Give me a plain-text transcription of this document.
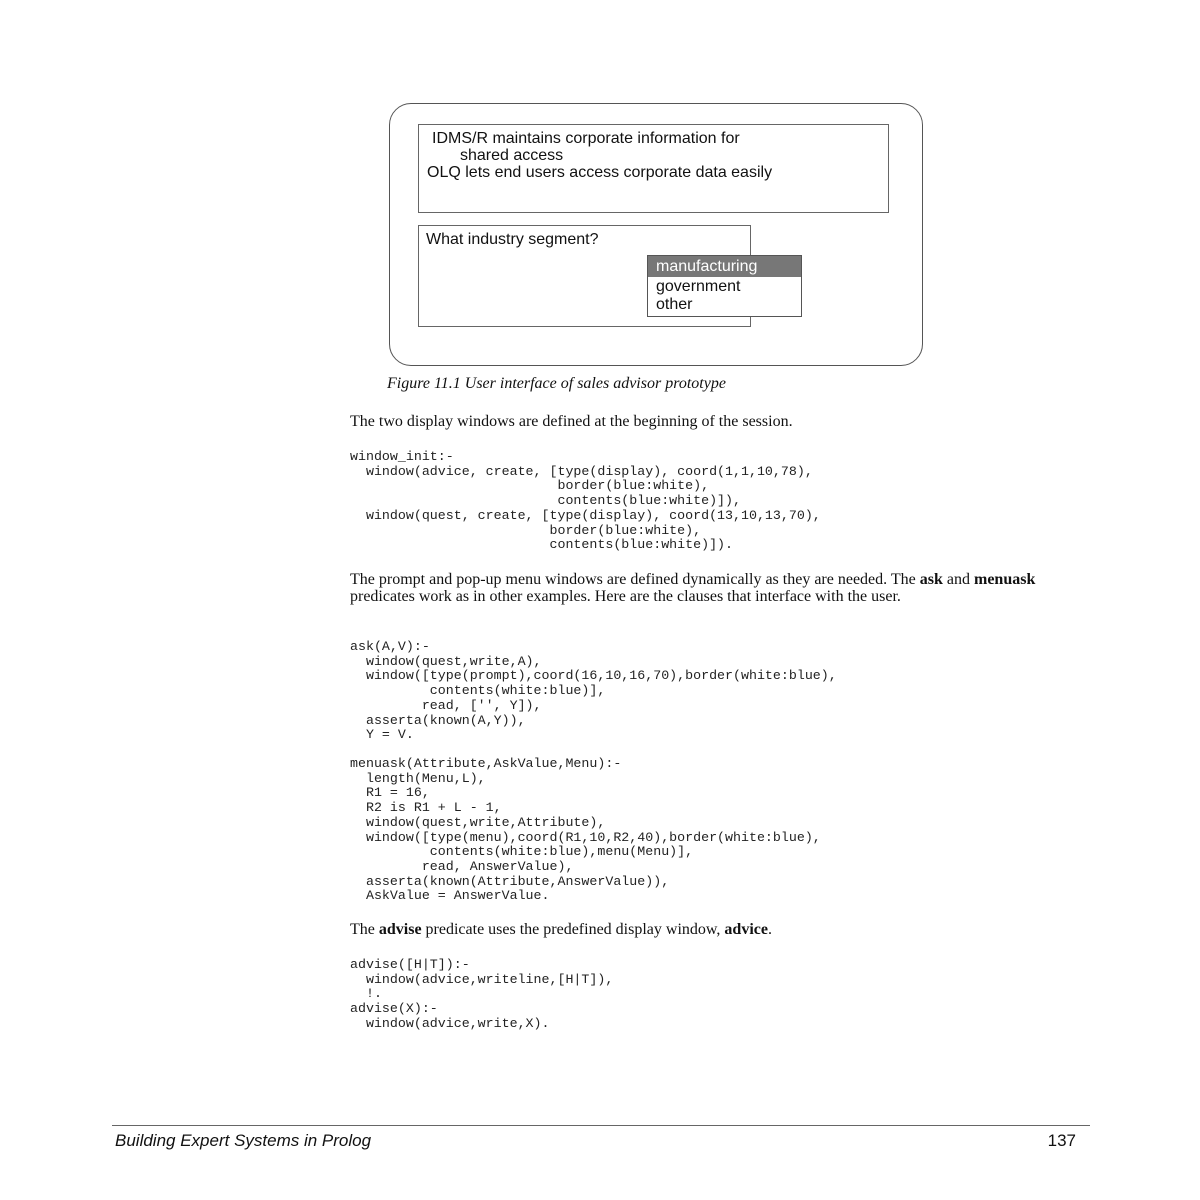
IDMS/R maintains corporate information for
shared access
OLQ lets end users access corporate data easily
What industry segment?
manufacturing
government
other
Figure 11.1 User interface of sales advisor prototype

The two display windows are defined at the beginning of the session.

window_init:-
window(advice, create, [type(display), coord(1,1,10,78),
border(blue:white),
contents(blue:white)]),
window(quest, create, [type(display), coord(13,10,13,70),
border(blue:white),
contents(blue:white)]).

The prompt and pop-up menu windows are defined dynamically as they are needed. The ask and menuask predicates work as in other examples. Here are the clauses that interface with the user.

ask(A,V):-
window(quest,write,A),
window([type(prompt),coord(16,10,16,70),border(white:blue),
contents(white:blue)],
read, ['', Y]),
asserta(known(A,Y)),
Y = V.
menuask(Attribute,AskValue,Menu):-
length(Menu,L),
R1 = 16,
R2 is R1 + L - 1,
window(quest,write,Attribute),
window([type(menu),coord(R1,10,R2,40),border(white:blue),
contents(white:blue),menu(Menu)],
read, AnswerValue),
asserta(known(Attribute,AnswerValue)),
AskValue = AnswerValue.

The advise predicate uses the predefined display window, advice.

advise([H|T]):-
window(advice,writeline,[H|T]),
!.
advise(X):-
window(advice,write,X).
Building Expert Systems in Prolog	137
